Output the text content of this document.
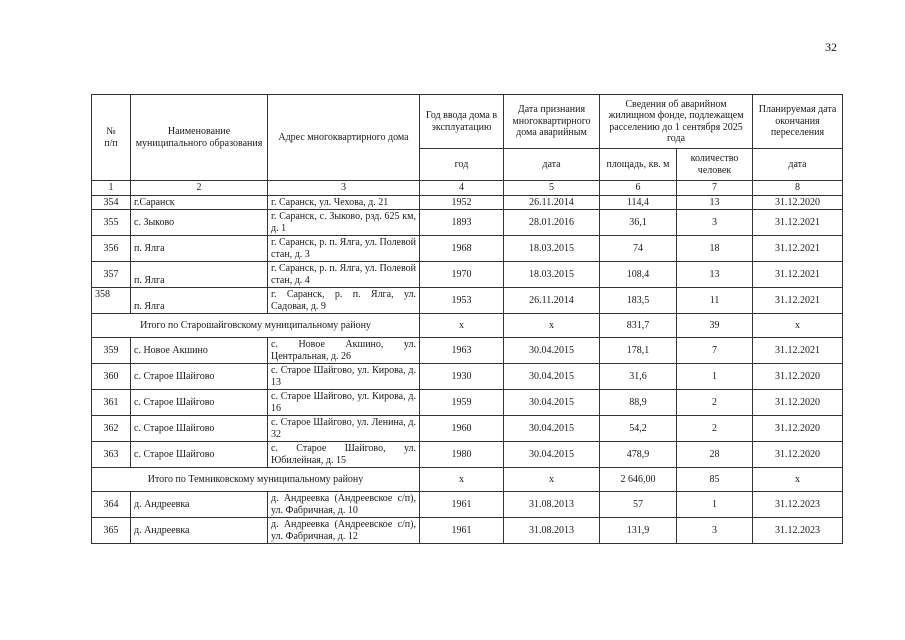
32
№
п/п	Наименование муниципального образования	Адрес многоквартирного дома	Год ввода дома в эксплуатацию	Дата признания многоквартирного дома аварийным	Сведения об аварийном жилищном фонде, подлежащем расселению до 1 сентября 2025 года		Планируемая дата окончания переселения
			год	дата	площадь, кв. м	количество человек	дата
1	2	3	4	5	6	7	8
354	г.Саранск	г. Саранск, ул. Чехова, д. 21	1952	26.11.2014	114,4	13	31.12.2020
355	с. Зыково	г. Саранск, с. Зыково, рзд. 625 км, д. 1	1893	28.01.2016	36,1	3	31.12.2021
356	п. Ялга	г. Саранск, р. п. Ялга, ул. Полевой стан, д. 3	1968	18.03.2015	74	18	31.12.2021
357	п. Ялга	г. Саранск, р. п. Ялга, ул. Полевой стан, д. 4	1970	18.03.2015	108,4	13	31.12.2021
358	п. Ялга	г. Саранск, р. п. Ялга, ул. Садовая, д. 9	1953	26.11.2014	183,5	11	31.12.2021
Итого по Старошайговскому муниципальному району			х	х	831,7	39	х
359	с. Новое Акшино	с. Новое Акшино, ул. Центральная, д. 26	1963	30.04.2015	178,1	7	31.12.2021
360	с. Старое Шайгово	с. Старое Шайгово, ул. Кирова, д. 13	1930	30.04.2015	31,6	1	31.12.2020
361	с. Старое Шайгово	с. Старое Шайгово, ул. Кирова, д. 16	1959	30.04.2015	88,9	2	31.12.2020
362	с. Старое Шайгово	с. Старое Шайгово, ул. Ленина, д. 32	1960	30.04.2015	54,2	2	31.12.2020
363	с. Старое Шайгово	с. Старое Шайгово, ул. Юбилейная, д. 15	1980	30.04.2015	478,9	28	31.12.2020
Итого по Темниковскому муниципальному району			х	х	2 646,00	85	х
364	д. Андреевка	д. Андреевка (Андреевское с/п), ул. Фабричная, д. 10	1961	31.08.2013	57	1	31.12.2023
365	д. Андреевка	д. Андреевка (Андреевское с/п), ул. Фабричная, д. 12	1961	31.08.2013	131,9	3	31.12.2023
